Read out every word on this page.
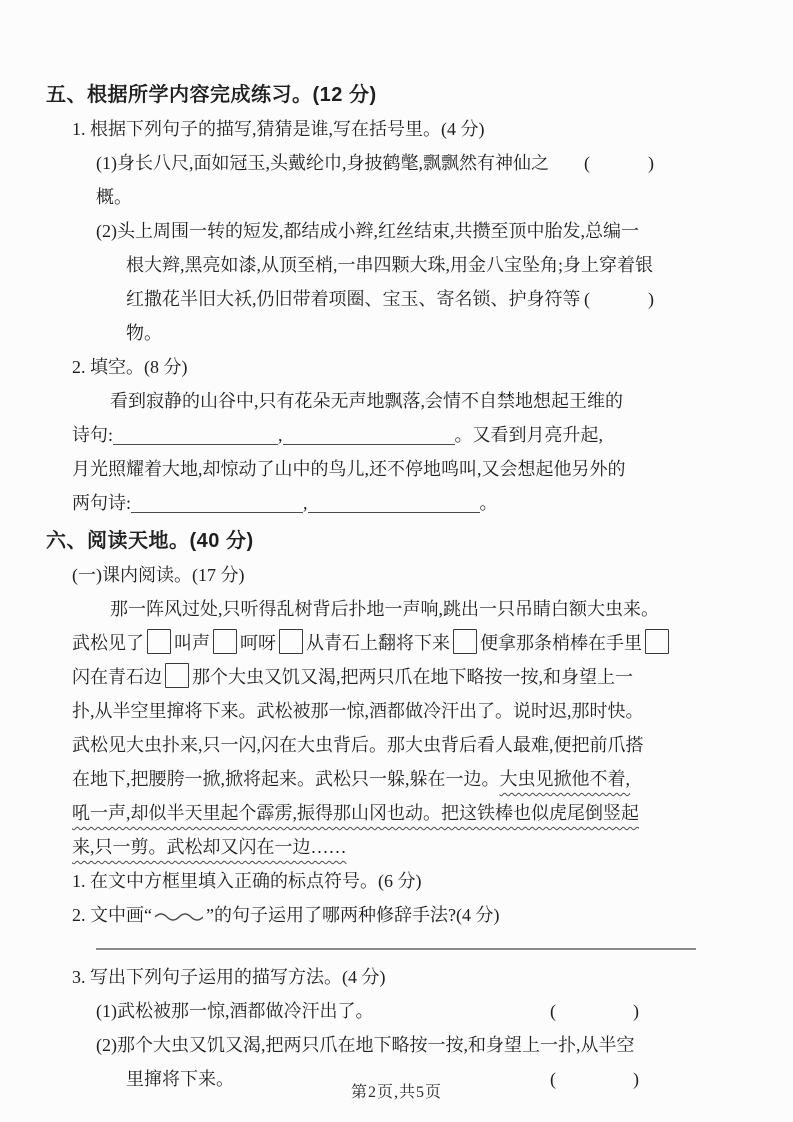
五、根据所学内容完成练习。(12 分)
1. 根据下列句子的描写,猜猜是谁,写在括号里。(4 分)
(1)身长八尺,面如冠玉,头戴纶巾,身披鹤氅,飘飘然有神仙之概。
(　　　)
(2)头上周围一转的短发,都结成小辫,红丝结束,共攒至顶中胎发,总编一
根大辫,黑亮如漆,从顶至梢,一串四颗大珠,用金八宝坠角;身上穿着银
红撒花半旧大袄,仍旧带着项圈、宝玉、寄名锁、护身符等物。
(　　　)
2. 填空。(8 分)
看到寂静的山谷中,只有花朵无声地飘落,会情不自禁地想起王维的
诗句:	,	。又看到月亮升起,
月光照耀着大地,却惊动了山中的鸟儿,还不停地鸣叫,又会想起他另外的
两句诗:	,	。
六、阅读天地。(40 分)
(一)课内阅读。(17 分)
那一阵风过处,只听得乱树背后扑地一声响,跳出一只吊睛白额大虫来。
武松见了 叫声 呵呀 从青石上翻将下来 便拿那条梢棒在手里
闪在青石边 那个大虫又饥又渴,把两只爪在地下略按一按,和身望上一
扑,从半空里撺将下来。武松被那一惊,酒都做冷汗出了。说时迟,那时快。
武松见大虫扑来,只一闪,闪在大虫背后。那大虫背后看人最难,便把前爪搭
在地下,把腰胯一掀,掀将起来。武松只一躲,躲在一边。大虫见掀他不着,
吼一声,却似半天里起个霹雳,振得那山冈也动。把这铁棒也似虎尾倒竖起
来,只一剪。武松却又闪在一边……
1. 在文中方框里填入正确的标点符号。(6 分)
2. 文中画“	”的句子运用了哪两种修辞手法?(4 分)
3. 写出下列句子运用的描写方法。(4 分)
(1)武松被那一惊,酒都做冷汗出了。	(　　　　)
(2)那个大虫又饥又渴,把两只爪在地下略按一按,和身望上一扑,从半空
里撺将下来。	(　　　　)
第2页,共5页
